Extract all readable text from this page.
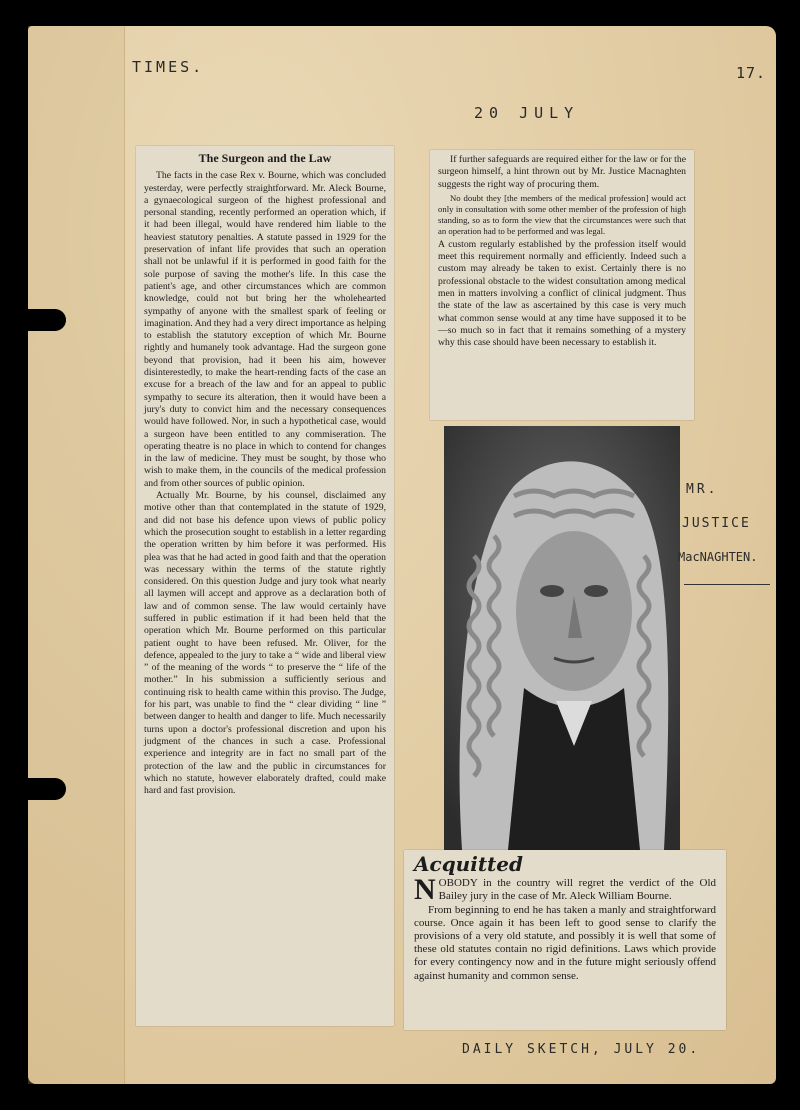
TIMES.	17.
20 JULY
The Surgeon and the Law

The facts in the case Rex v. Bourne, which was concluded yesterday, were perfectly straightforward. Mr. Aleck Bourne, a gynaecological surgeon of the highest professional and personal standing, recently performed an operation which, if it had been illegal, would have rendered him liable to the heaviest statutory penalties. A statute passed in 1929 for the preservation of infant life provides that such an operation shall not be unlawful if it is performed in good faith for the sole purpose of saving the mother's life. In this case the patient's age, and other circumstances which are common knowledge, could not but bring her the wholehearted sympathy of anyone with the smallest spark of feeling or imagination. And they had a very direct importance as helping to establish the statutory exception of which Mr. Bourne rightly and humanely took advantage. Had the surgeon gone beyond that provision, had it been his aim, however disinterestedly, to make the heart-rending facts of the case an excuse for a breach of the law and for an appeal to public sympathy to secure its alteration, then it would have been a jury's duty to convict him and the necessary consequences would have followed. Nor, in such a hypothetical case, would a surgeon have been entitled to any commiseration. The operating theatre is no place in which to contend for changes in the law of medicine. They must be sought, by those who wish to make them, in the councils of the medical profession and from other sources of public opinion.

Actually Mr. Bourne, by his counsel, disclaimed any motive other than that contemplated in the statute of 1929, and did not base his defence upon views of public policy which the prosecution sought to establish in a letter regarding the operation written by him before it was performed. His plea was that he had acted in good faith and that the operation was necessary within the terms of the statute rightly considered. On this question Judge and jury took what nearly all laymen will accept and approve as a declaration both of law and of common sense. The law would certainly have suffered in public estimation if it had been held that the operation which Mr. Bourne performed on this particular patient ought to have been refused. Mr. Oliver, for the defence, appealed to the jury to take a “ wide and liberal view ” of the meaning of the words “ to preserve the “ life of the mother.” In his submission a sufficiently serious and continuing risk to health came within this proviso. The Judge, for his part, was unable to find the “ clear dividing “ line ” between danger to health and danger to life. Much necessarily turns upon a doctor's professional discretion and upon his judgment of the chances in such a case. Professional experience and integrity are in fact no small part of the protection of the law and the public in circumstances for which no statute, however elaborately drafted, could make hard and fast provision.

If further safeguards are required either for the law or for the surgeon himself, a hint thrown out by Mr. Justice Macnaghten suggests the right way of procuring them.

No doubt they [the members of the medical profession] would act only in consultation with some other member of the profession of high standing, so as to form the view that the circumstances were such that an operation had to be performed and was legal.

A custom regularly established by the profession itself would meet this requirement normally and efficiently. Indeed such a custom may already be taken to exist. Certainly there is no professional obstacle to the widest consultation among medical men in matters involving a conflict of clinical judgment. Thus the state of the law as ascertained by this case is very much what common sense would at any time have supposed it to be—so much so in fact that it remains something of a mystery why this case should have been necessary to establish it.

MR.
JUSTICE
MacNAGHTEN.
Acquitted

NOBODY in the country will regret the verdict of the Old Bailey jury in the case of Mr. Aleck William Bourne.

From beginning to end he has taken a manly and straightforward course. Once again it has been left to good sense to clarify the provisions of a very old statute, and possibly it is well that some of these old statutes contain no rigid definitions. Laws which provide for every contingency now and in the future might seriously offend against humanity and common sense.

DAILY SKETCH, JULY 20.
